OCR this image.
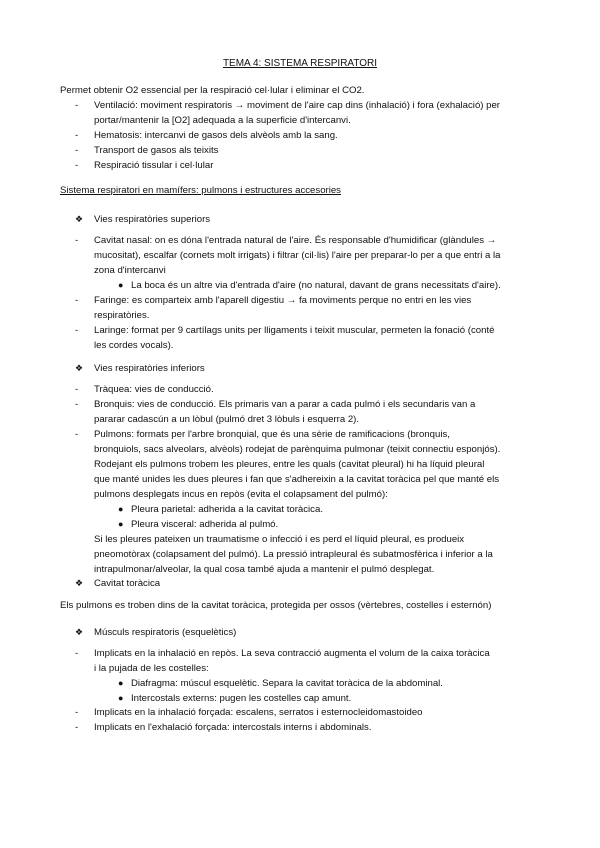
TEMA 4: SISTEMA RESPIRATORI
Permet obtenir O2 essencial per la respiració cel·lular i eliminar el CO2.
- Ventilació: moviment respiratoris → moviment de l'aire cap dins (inhalació) i fora (exhalació) per
portar/mantenir la [O2] adequada a la superficie d'intercanvi.
- Hematosis: intercanvi de gasos dels alvèols amb la sang.
- Transport de gasos als teixits
- Respiració tissular i cel·lular
Sistema respiratori en mamífers: pulmons i estructures accesories
❖ Vies respiratòries superiors
- Cavitat nasal: on es dóna l'entrada natural de l'aire. És responsable d'humidificar (glàndules →
mucositat), escalfar (cornets molt irrigats) i filtrar (cil·lis) l'aire per preparar-lo per a que entri a la
zona d'intercanvi
● La boca és un altre via d'entrada d'aire (no natural, davant de grans necessitats d'aire).
- Faringe: es comparteix amb l'aparell digestiu → fa moviments perque no entri en les vies
respiratòries.
- Laringe: format per 9 cartílags units per lligaments i teixit muscular, permeten la fonació (conté
les cordes vocals).
❖ Vies respiratòries inferiors
- Tràquea: vies de conducció.
- Bronquis: vies de conducció. Els primaris van a parar a cada pulmó i els secundaris van a
pararar cadascún a un lòbul (pulmó dret 3 lòbuls i esquerra 2).
- Pulmons: formats per l'arbre bronquial, que és una sèrie de ramificacions (bronquis,
bronquiols, sacs alveolars, alvèols) rodejat de parènquima pulmonar (teixit connectiu esponjós).
Rodejant els pulmons trobem les pleures, entre les quals (cavitat pleural) hi ha líquid pleural
que manté unides les dues pleures i fan que s'adhereixin a la cavitat toràcica pel que manté els
pulmons desplegats incus en repòs (evita el colapsament del pulmó):
● Pleura parietal: adherida a la cavitat toràcica.
● Pleura visceral: adherida al pulmó.
Si les pleures pateixen un traumatisme o infecció i es perd el líquid pleural, es produeix
pneomotòrax (colapsament del pulmó). La pressió intrapleural és subatmosfèrica i inferior a la
intrapulmonar/alveolar, la qual cosa també ajuda a mantenir el pulmó desplegat.
❖ Cavitat toràcica
Els pulmons es troben dins de la cavitat toràcica, protegida per ossos (vèrtebres, costelles i esternón)
❖ Músculs respiratoris (esquelètics)
- Implicats en la inhalació en repòs. La seva contracció augmenta el volum de la caixa toràcica
i la pujada de les costelles:
● Diafragma: múscul esquelètic. Separa la cavitat toràcica de la abdominal.
● Intercostals externs: pugen les costelles cap amunt.
- Implicats en la inhalació forçada: escalens, serratos i esternocleidomastoideo
- Implicats en l'exhalació forçada: intercostals interns i abdominals.
